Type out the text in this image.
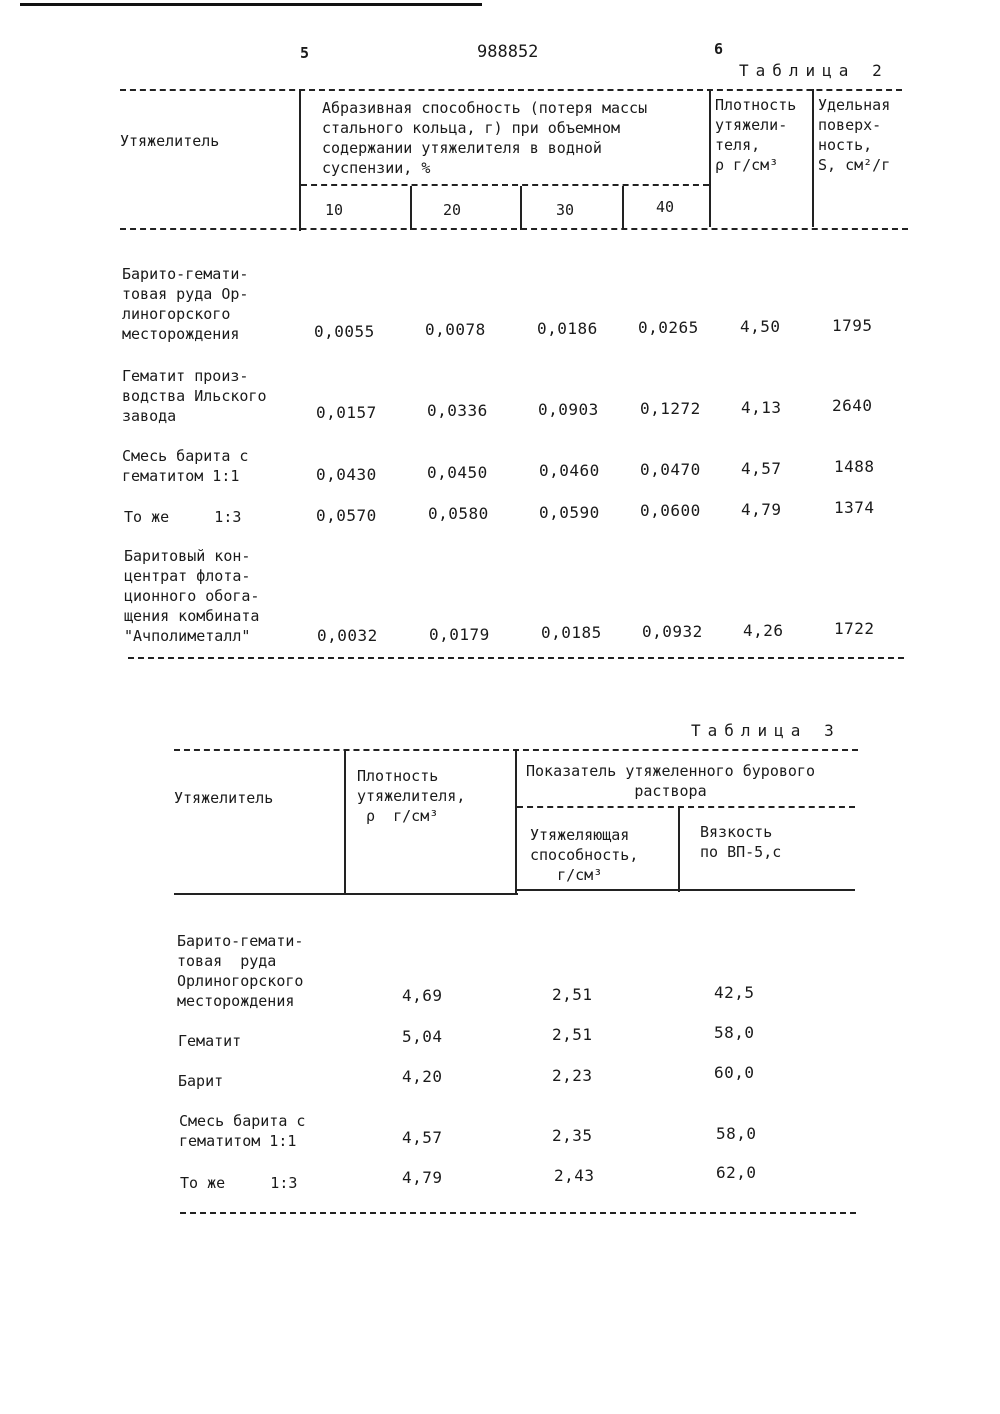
5	988852	6
Таблица 2
Утяжелитель
Абразивная способность (потеря массы
стального кольца, г) при объемном
содержании утяжелителя в водной
суспензии, %
Плотность
утяжели-
теля,
ρ г/см³
Удельная
поверх-
ность,
S, см²/г
10	20	30	40
Барито-гемати-
товая руда Ор-
линогорского
месторождения	0,0055	0,0078	0,0186	0,0265	4,50	1795
Гематит произ-
водства Ильского
завода	0,0157	0,0336	0,0903	0,1272	4,13	2640
Смесь барита с
гематитом 1:1	0,0430	0,0450	0,0460	0,0470	4,57	1488
То же     1:3	0,0570	0,0580	0,0590	0,0600	4,79	1374
Баритовый кон-
центрат флота-
ционного обога-
щения комбината
"Ачполиметалл"	0,0032	0,0179	0,0185	0,0932	4,26	1722
Таблица 3
Утяжелитель
Плотность
утяжелителя,
ρ  г/см³
Показатель утяжеленного бурового
раствора
Утяжеляющая
способность,
г/см³
Вязкость
по ВП-5,с
Барито-гемати-
товая  руда
Орлиногорского
месторождения	4,69	2,51	42,5
Гематит	5,04	2,51	58,0
Барит	4,20	2,23	60,0
Смесь барита с
гематитом 1:1	4,57	2,35	58,0
То же     1:3	4,79	2,43	62,0
